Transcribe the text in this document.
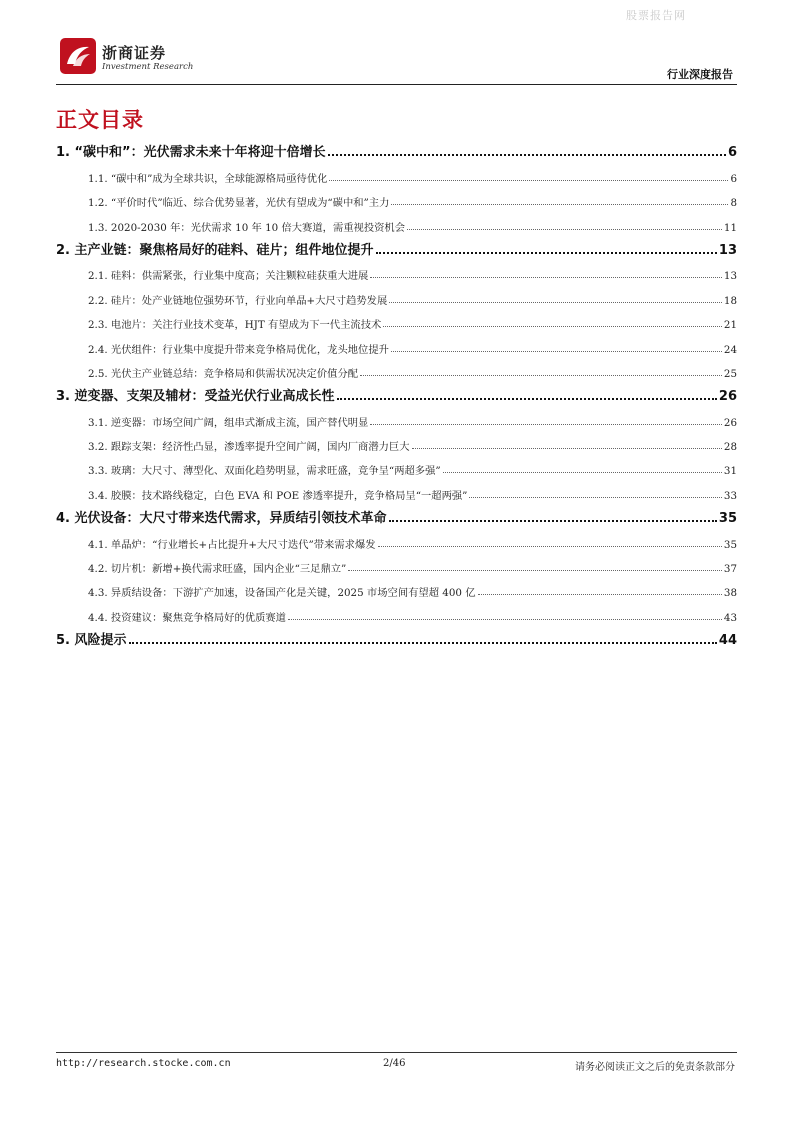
股票报告网
浙商证券
Investment Research
行业深度报告
正文目录
1. “碳中和”：光伏需求未来十年将迎十倍增长	6
1.1. “碳中和”成为全球共识，全球能源格局亟待优化	6
1.2. “平价时代”临近、综合优势显著，光伏有望成为“碳中和”主力	8
1.3. 2020-2030 年：光伏需求 10 年 10 倍大赛道，需重视投资机会	11
2. 主产业链：聚焦格局好的硅料、硅片；组件地位提升	13
2.1. 硅料：供需紧张，行业集中度高；关注颗粒硅获重大进展	13
2.2. 硅片：处产业链地位强势环节，行业向单晶+大尺寸趋势发展	18
2.3. 电池片：关注行业技术变革，HJT 有望成为下一代主流技术	21
2.4. 光伏组件：行业集中度提升带来竞争格局优化，龙头地位提升	24
2.5. 光伏主产业链总结：竞争格局和供需状况决定价值分配	25
3. 逆变器、支架及辅材：受益光伏行业高成长性	26
3.1. 逆变器：市场空间广阔，组串式渐成主流，国产替代明显	26
3.2. 跟踪支架：经济性凸显，渗透率提升空间广阔，国内厂商潜力巨大	28
3.3. 玻璃：大尺寸、薄型化、双面化趋势明显，需求旺盛，竞争呈“两超多强”	31
3.4. 胶膜：技术路线稳定，白色 EVA 和 POE 渗透率提升，竞争格局呈“一超两强”	33
4. 光伏设备：大尺寸带来迭代需求，异质结引领技术革命	35
4.1. 单晶炉：“行业增长+占比提升+大尺寸迭代”带来需求爆发	35
4.2. 切片机：新增+换代需求旺盛，国内企业“三足鼎立”	37
4.3. 异质结设备：下游扩产加速，设备国产化是关键，2025 市场空间有望超 400 亿	38
4.4. 投资建议：聚焦竞争格局好的优质赛道	43
5. 风险提示	44
http://research.stocke.com.cn	2/46	请务必阅读正文之后的免责条款部分
